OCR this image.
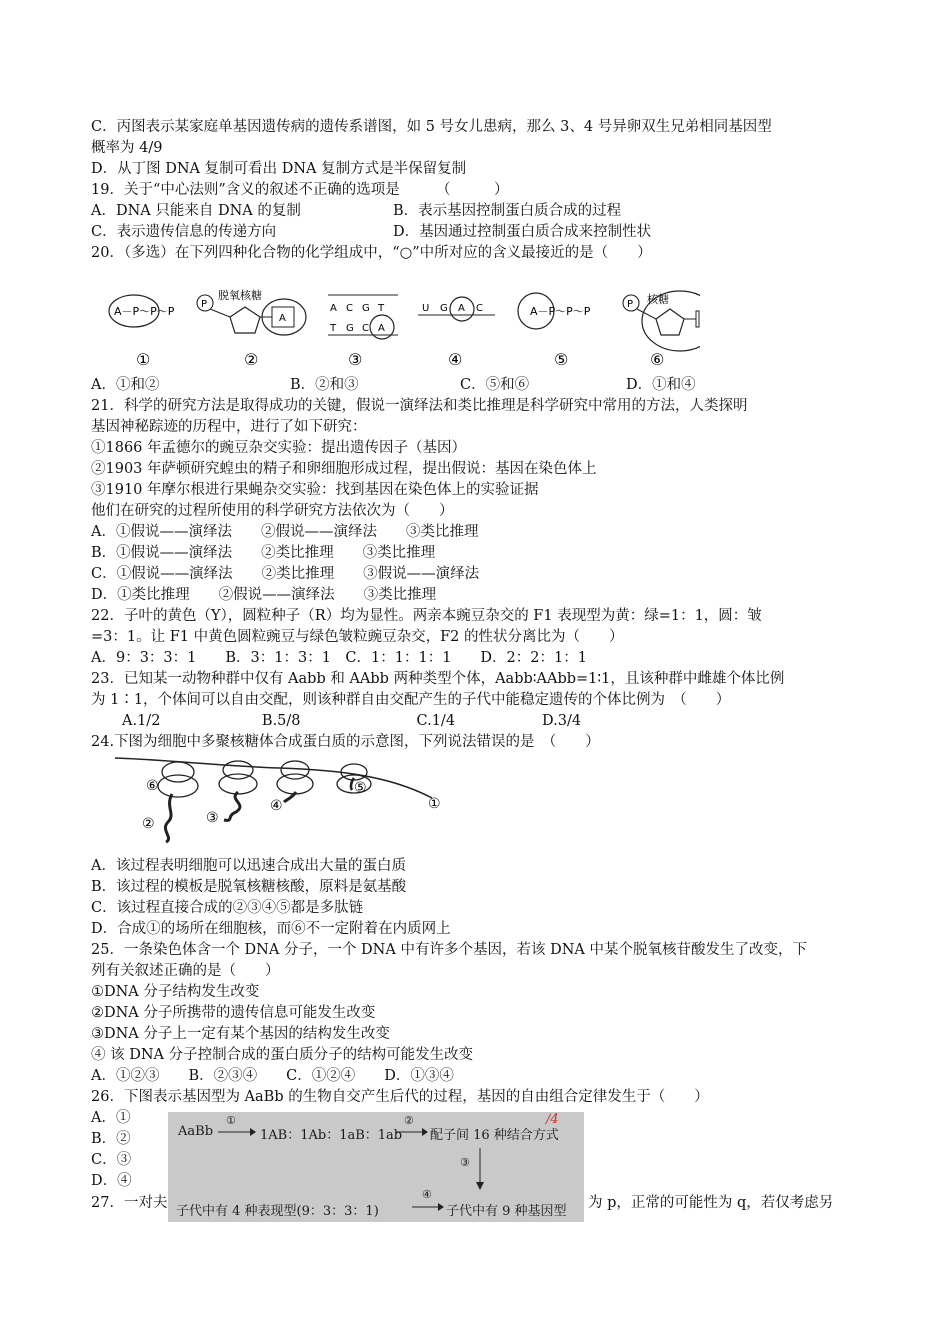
C．丙图表示某家庭单基因遗传病的遗传系谱图，如 5 号女儿患病，那么 3、4 号异卵双生兄弟相同基因型
概率为 4/9
D．从丁图 DNA 复制可看出 DNA 复制方式是半保留复制
19．关于“中心法则”含义的叙述不正确的选项是　　　（　　　）
A．DNA 只能来自 DNA 的复制	B．表示基因控制蛋白质合成的过程
C．表示遗传信息的传递方向	D．基因通过控制蛋白质合成来控制性状
20．（多选）在下列四种化合物的化学组成中，“○”中所对应的含义最接近的是（　　）
A－P～P～P
P
脱氧核糖
A
A C G T
T G C A
U G A C	A－P～P～P
P 核糖
①	②	③	④	⑤	⑥
A．①和②	B．②和③	C．⑤和⑥	D．①和④
21．科学的研究方法是取得成功的关键，假说一演绎法和类比推理是科学研究中常用的方法，人类探明
基因神秘踪迹的历程中，进行了如下研究：
①1866 年孟德尔的豌豆杂交实验：提出遗传因子（基因）
②1903 年萨顿研究蝗虫的精子和卵细胞形成过程，提出假说：基因在染色体上
③1910 年摩尔根进行果蝇杂交实验：找到基因在染色体上的实验证据
他们在研究的过程所使用的科学研究方法依次为（　　）
A．①假说——演绎法　　②假说——演绎法　　③类比推理
B．①假说——演绎法　　②类比推理　　③类比推理
C．①假说——演绎法　　②类比推理　　③假说——演绎法
D．①类比推理　　②假说——演绎法　　③类比推理
22．子叶的黄色（Y），圆粒种子（R）均为显性。两亲本豌豆杂交的 F1 表现型为黄：绿=1：1，圆：皱
=3：1。让 F1 中黄色圆粒豌豆与绿色皱粒豌豆杂交，F2 的性状分离比为（　　）
A．9：3：3：1　　B．3：1：3：1　C．1：1：1：1　　D．2：2：1：1
23．已知某一动物种群中仅有 Aabb 和 AAbb 两种类型个体，Aabb∶AAbb=1∶1，且该种群中雌雄个体比例
为 1∶1，个体间可以自由交配，则该种群自由交配产生的子代中能稳定遗传的个体比例为　（　　）
A.1/2　　　　　　　B.5/8　　　　　　　　C.1/4　　　　　　D.3/4
24.下图为细胞中多聚核糖体合成蛋白质的示意图，下列说法错误的是　（　　）
⑥
②	③
④
⑤
①
A．该过程表明细胞可以迅速合成出大量的蛋白质
B．该过程的模板是脱氧核糖核酸，原料是氨基酸
C．该过程直接合成的②③④⑤都是多肽链
D．合成①的场所在细胞核，而⑥不一定附着在内质网上
25．一条染色体含一个 DNA 分子，一个 DNA 中有许多个基因，若该 DNA 中某个脱氧核苷酸发生了改变，下
列有关叙述正确的是（　　）
①DNA 分子结构发生改变
②DNA 分子所携带的遗传信息可能发生改变
③DNA 分子上一定有某个基因的结构发生改变
④ 该 DNA 分子控制合成的蛋白质分子的结构可能发生改变
A．①②③　　B．②③④　　C．①②④　　D．①③④
26．下图表示基因型为 AaBb 的生物自交产生后代的过程，基因的自由组合定律发生于（　　）
A．①
B．②
C．③
D．④
27．一对夫	为 p，正常的可能性为 q，若仅考虑另
AaBb
①
1AB：1Ab：1aB：1ab
②
配子间 16 种结合方式
/4
③
子代中有 4 种表现型(9：3：3：1)
④
子代中有 9 种基因型
